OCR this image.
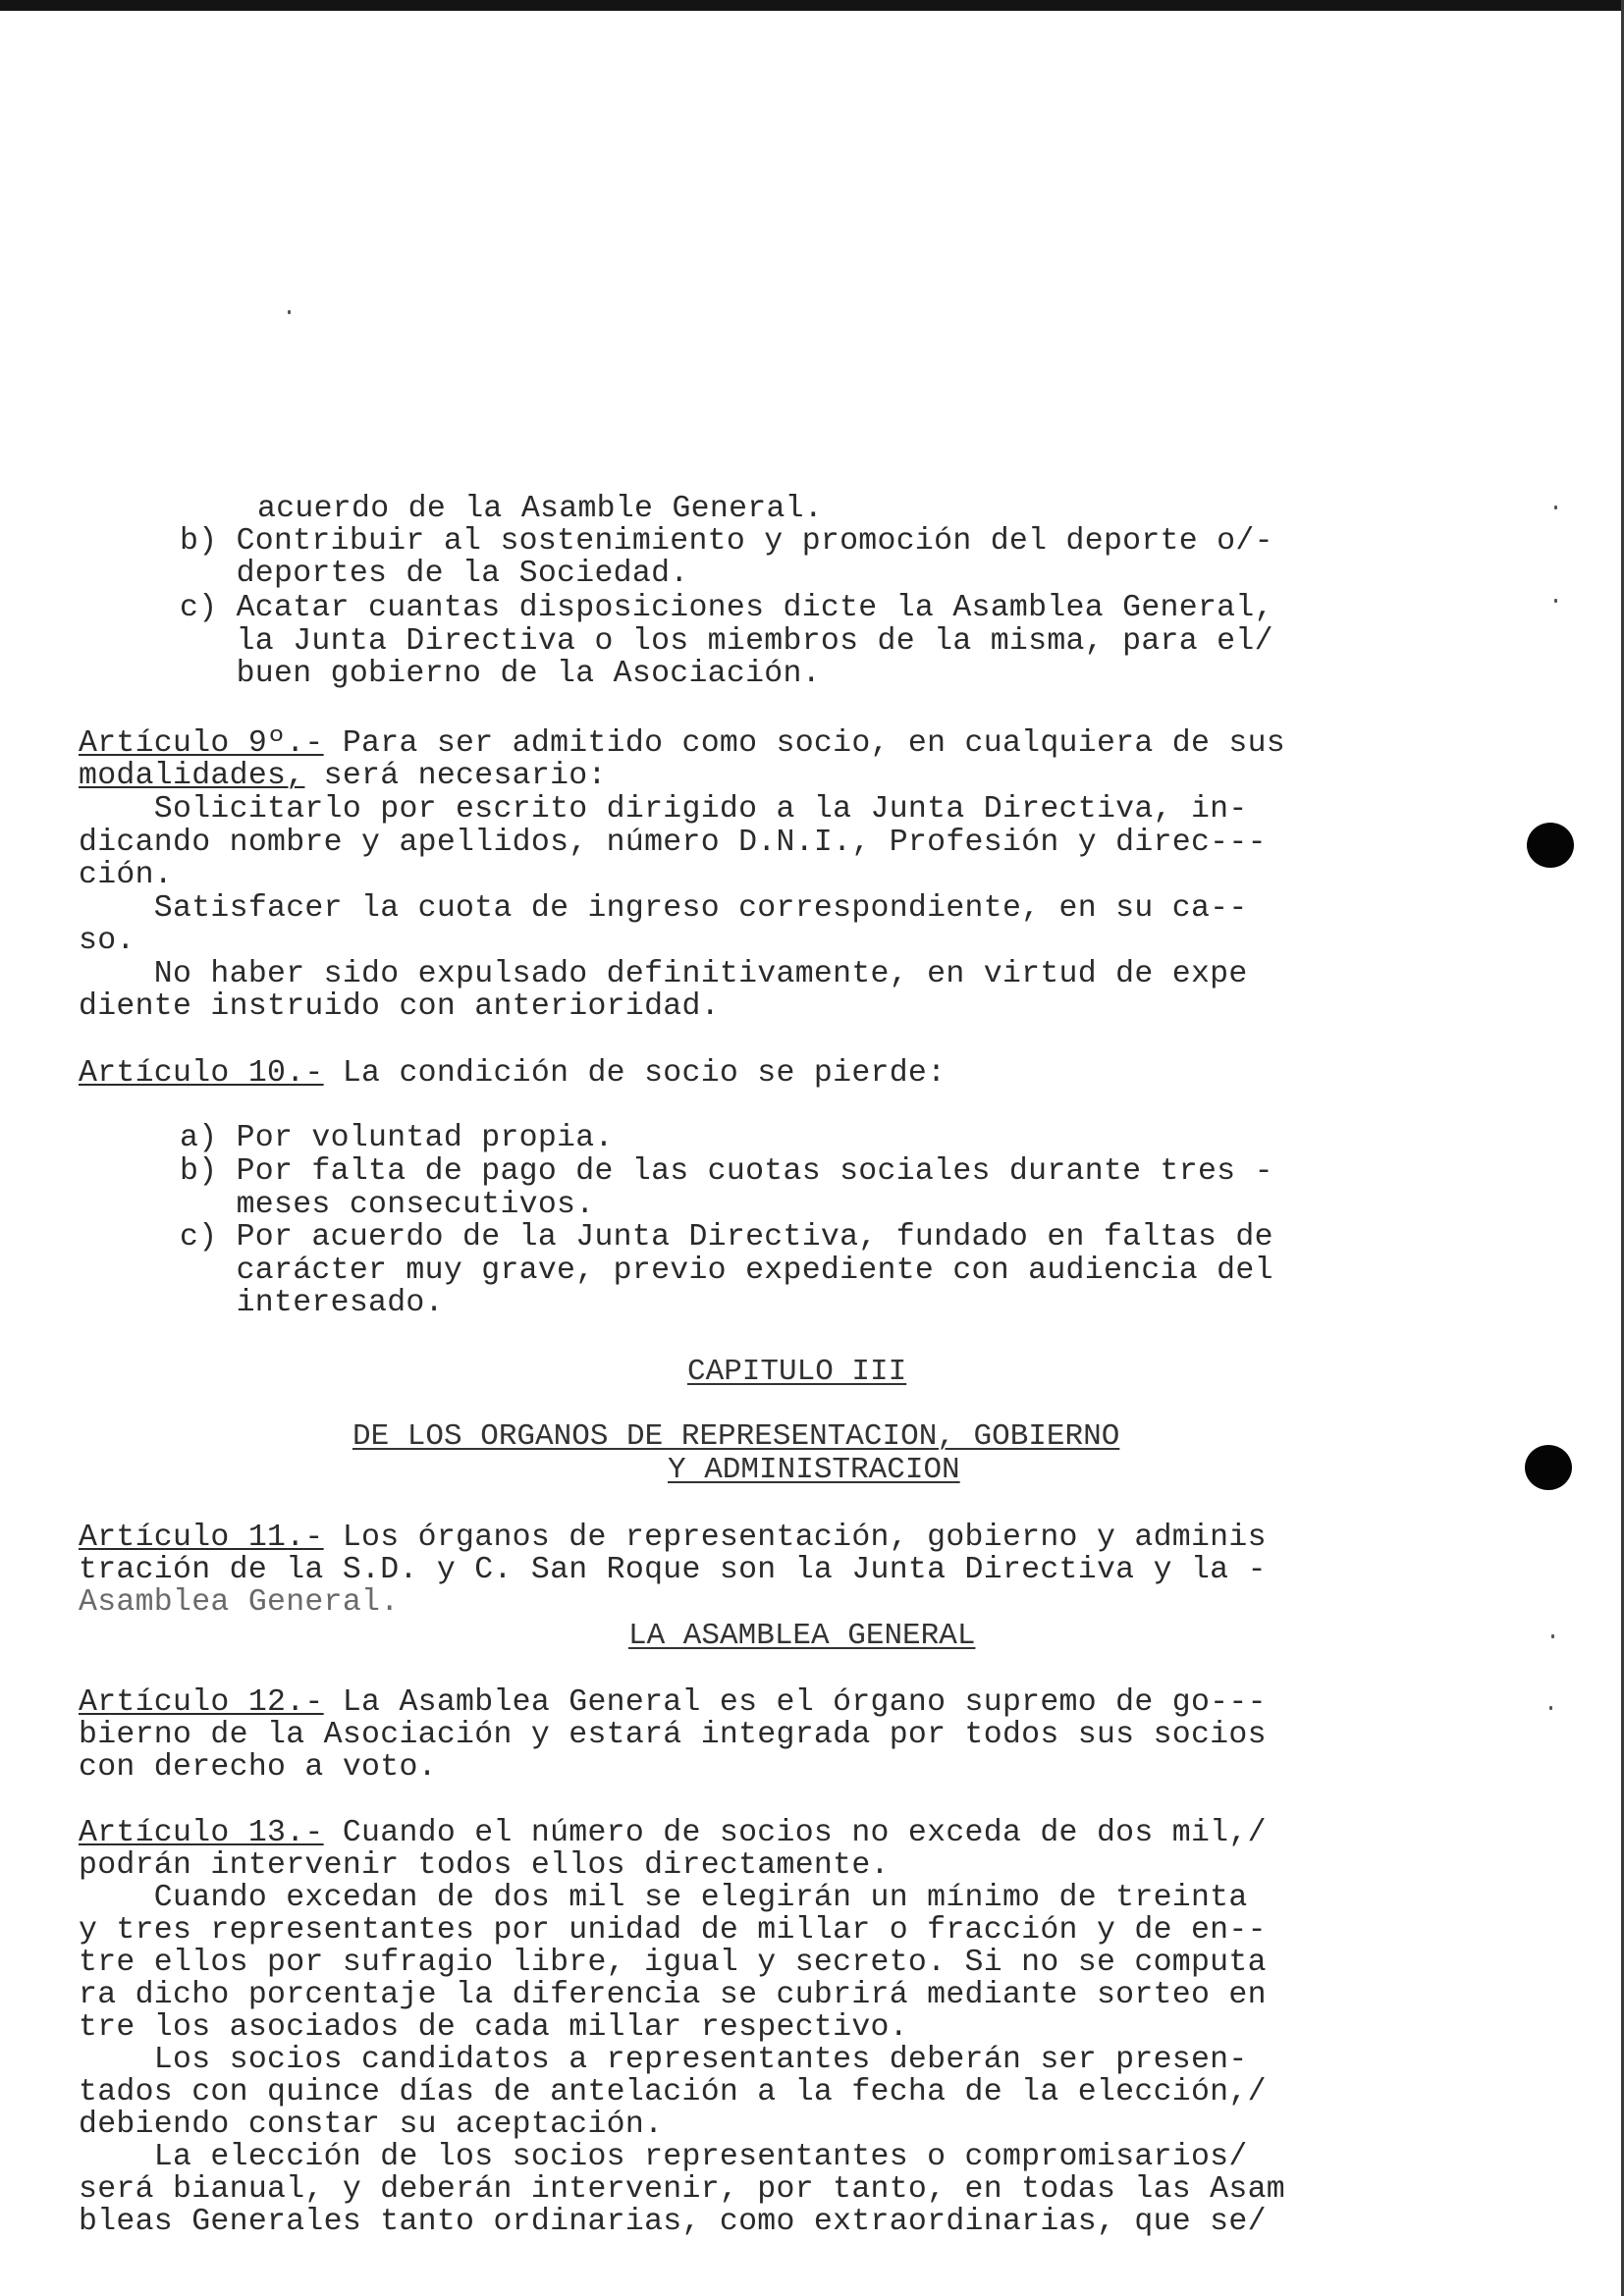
acuerdo de la Asamble General.
b) Contribuir al sostenimiento y promoción del deporte o/-
deportes de la Sociedad.
c) Acatar cuantas disposiciones dicte la Asamblea General,
la Junta Directiva o los miembros de la misma, para el/
buen gobierno de la Asociación.
Artículo 9º.- Para ser admitido como socio, en cualquiera de sus
modalidades, será necesario:
Solicitarlo por escrito dirigido a la Junta Directiva, in-
dicando nombre y apellidos, número D.N.I., Profesión y direc---
ción.
Satisfacer la cuota de ingreso correspondiente, en su ca--
so.
No haber sido expulsado definitivamente, en virtud de expe
diente instruido con anterioridad.
Artículo 10.- La condición de socio se pierde:
a) Por voluntad propia.
b) Por falta de pago de las cuotas sociales durante tres -
meses consecutivos.
c) Por acuerdo de la Junta Directiva, fundado en faltas de
carácter muy grave, previo expediente con audiencia del
interesado.
CAPITULO III
DE LOS ORGANOS DE REPRESENTACION, GOBIERNO
Y ADMINISTRACION
Artículo 11.- Los órganos de representación, gobierno y adminis
tración de la S.D. y C. San Roque son la Junta Directiva y la -
Asamblea General.
LA ASAMBLEA GENERAL
Artículo 12.- La Asamblea General es el órgano supremo de go---
bierno de la Asociación y estará integrada por todos sus socios
con derecho a voto.
Artículo 13.- Cuando el número de socios no exceda de dos mil,/
podrán intervenir todos ellos directamente.
Cuando excedan de dos mil se elegirán un mínimo de treinta
y tres representantes por unidad de millar o fracción y de en--
tre ellos por sufragio libre, igual y secreto. Si no se computa
ra dicho porcentaje la diferencia se cubrirá mediante sorteo en
tre los asociados de cada millar respectivo.
Los socios candidatos a representantes deberán ser presen-
tados con quince días de antelación a la fecha de la elección,/
debiendo constar su aceptación.
La elección de los socios representantes o compromisarios/
será bianual, y deberán intervenir, por tanto, en todas las Asam
bleas Generales tanto ordinarias, como extraordinarias, que se/
